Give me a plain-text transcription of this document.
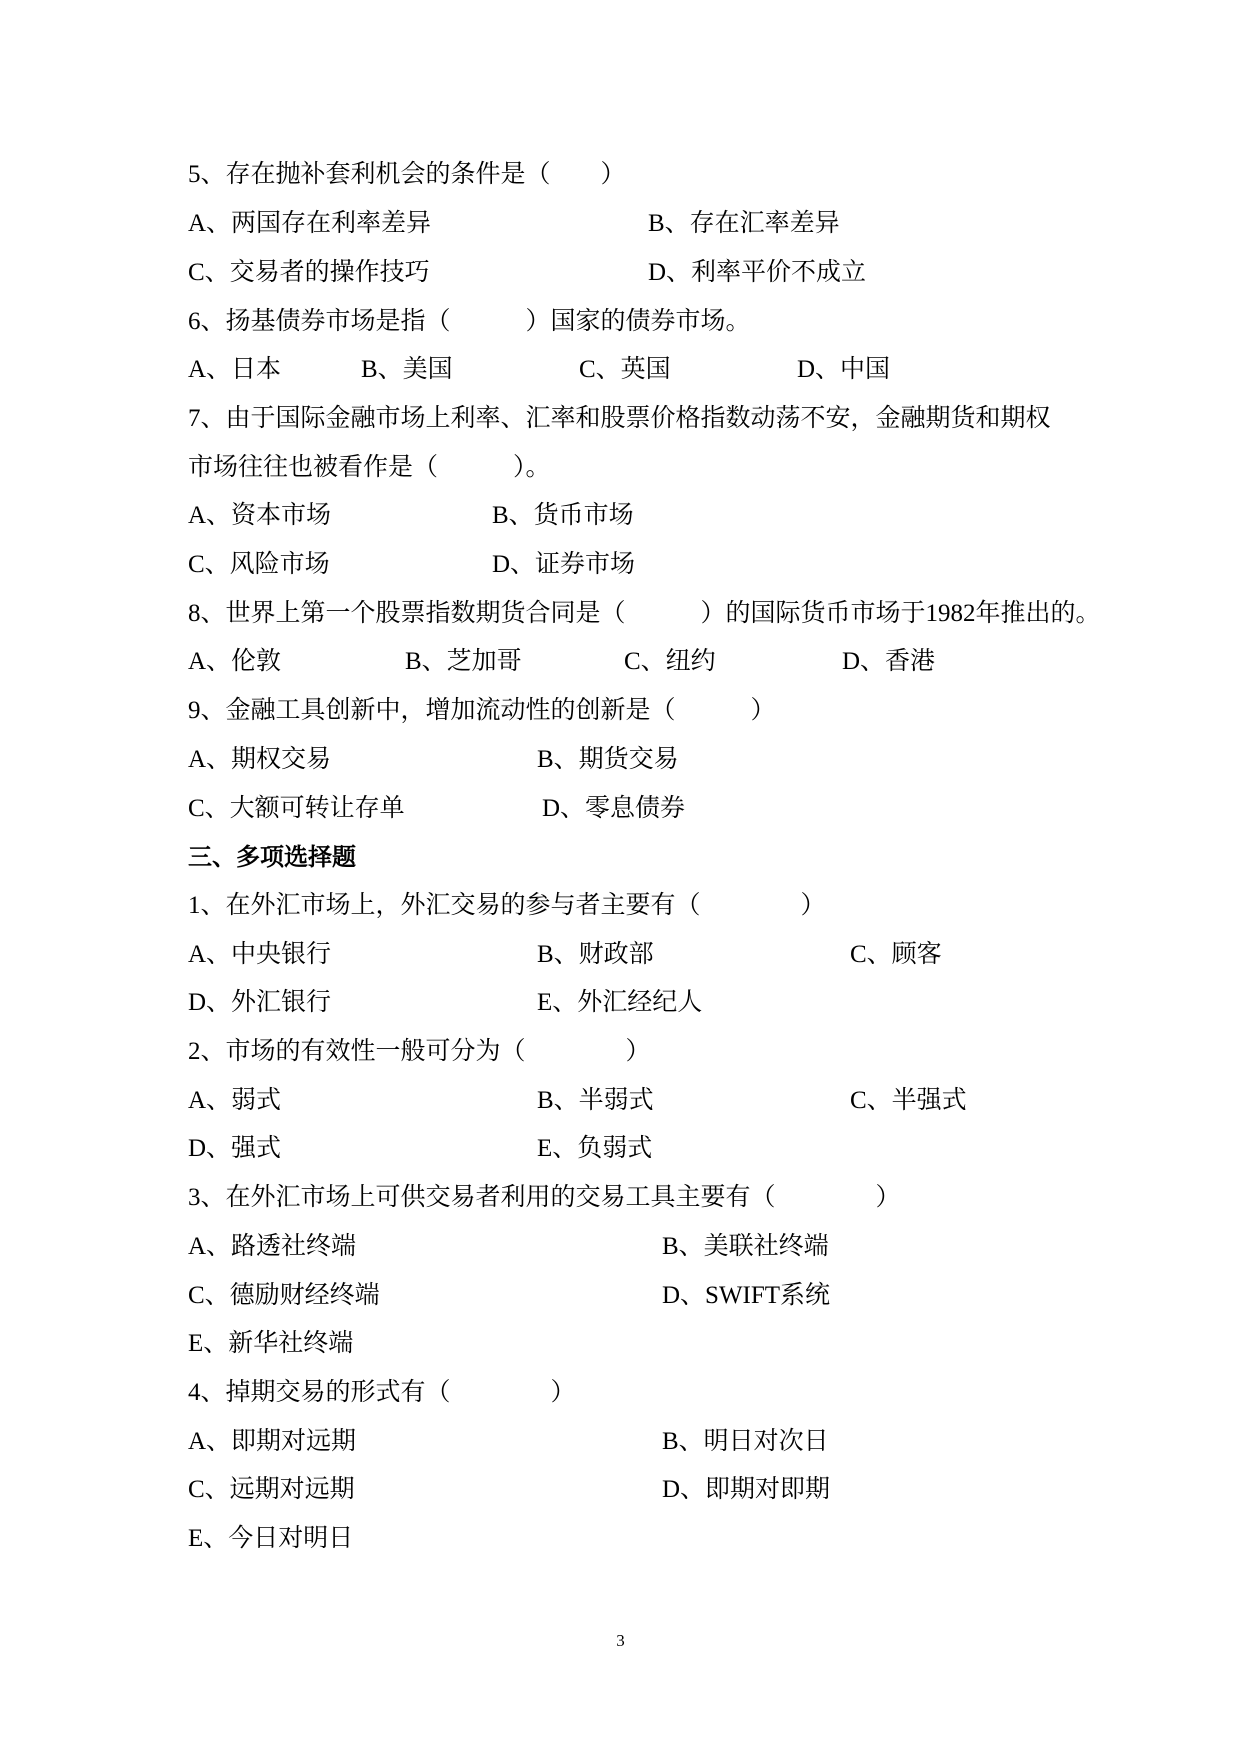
5、存在抛补套利机会的条件是（　　）
A、两国存在利率差异	B、存在汇率差异
C、交易者的操作技巧	D、利率平价不成立
6、扬基债券市场是指（　　　）国家的债券市场。
A、日本	B、美国	C、英国	D、中国
7、由于国际金融市场上利率、汇率和股票价格指数动荡不安，金融期货和期权
市场往往也被看作是（　　　）。
A、资本市场	B、货币市场
C、风险市场	D、证券市场
8、世界上第一个股票指数期货合同是（　　　）的国际货币市场于1982年推出的。
A、伦敦	B、芝加哥	C、纽约	D、香港
9、金融工具创新中，增加流动性的创新是（　　　）
A、期权交易	B、期货交易
C、大额可转让存单	D、零息债券
三、多项选择题
1、在外汇市场上，外汇交易的参与者主要有（　　　　）
A、中央银行	B、财政部	C、顾客
D、外汇银行	E、外汇经纪人
2、市场的有效性一般可分为（　　　　）
A、弱式	B、半弱式	C、半强式
D、强式	E、负弱式
3、在外汇市场上可供交易者利用的交易工具主要有（　　　　）
A、路透社终端	B、美联社终端
C、德励财经终端	D、SWIFT系统
E、新华社终端
4、掉期交易的形式有（　　　　）
A、即期对远期	B、明日对次日
C、远期对远期	D、即期对即期
E、今日对明日
3
